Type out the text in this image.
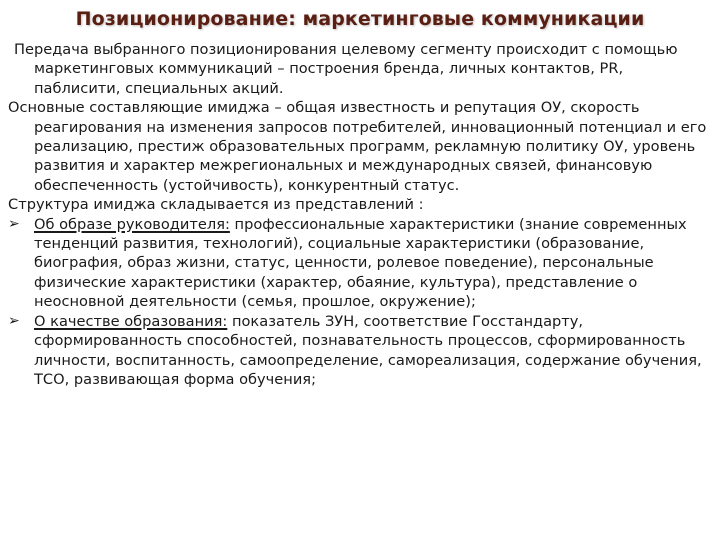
Позиционирование: маркетинговые коммуникации

Передача выбранного позиционирования целевому сегменту происходит с помощью маркетинговых коммуникаций – построения бренда, личных контактов, PR, паблисити, специальных акций.

Основные составляющие имиджа – общая известность и репутация ОУ, скорость реагирования на изменения запросов потребителей, инновационный потенциал и его реализацию, престиж образовательных программ, рекламную политику ОУ, уровень развития и характер межрегиональных и международных связей, финансовую обеспеченность (устойчивость), конкурентный статус.

Структура имиджа складывается из представлений :

➢ Об образе руководителя: профессиональные характеристики (знание современных тенденций развития, технологий), социальные характеристики (образование, биография, образ жизни, статус, ценности, ролевое поведение), персональные физические характеристики (характер, обаяние, культура), представление о неосновной деятельности (семья, прошлое, окружение);
➢ О качестве образования: показатель ЗУН, соответствие Госстандарту, сформированность способностей, познавательность процессов, сформированность личности, воспитанность, самоопределение, самореализация, содержание обучения, ТСО, развивающая форма обучения;
